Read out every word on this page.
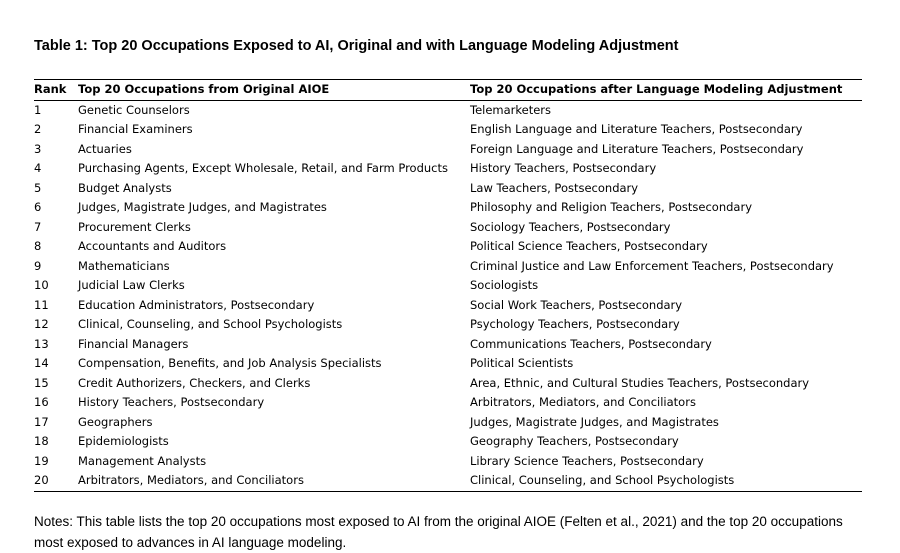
Table 1: Top 20 Occupations Exposed to AI, Original and with Language Modeling Adjustment
Rank	Top 20 Occupations from Original AIOE	Top 20 Occupations after Language Modeling Adjustment
1	Genetic Counselors	Telemarketers
2	Financial Examiners	English Language and Literature Teachers, Postsecondary
3	Actuaries	Foreign Language and Literature Teachers, Postsecondary
4	Purchasing Agents, Except Wholesale, Retail, and Farm Products	History Teachers, Postsecondary
5	Budget Analysts	Law Teachers, Postsecondary
6	Judges, Magistrate Judges, and Magistrates	Philosophy and Religion Teachers, Postsecondary
7	Procurement Clerks	Sociology Teachers, Postsecondary
8	Accountants and Auditors	Political Science Teachers, Postsecondary
9	Mathematicians	Criminal Justice and Law Enforcement Teachers, Postsecondary
10	Judicial Law Clerks	Sociologists
11	Education Administrators, Postsecondary	Social Work Teachers, Postsecondary
12	Clinical, Counseling, and School Psychologists	Psychology Teachers, Postsecondary
13	Financial Managers	Communications Teachers, Postsecondary
14	Compensation, Benefits, and Job Analysis Specialists	Political Scientists
15	Credit Authorizers, Checkers, and Clerks	Area, Ethnic, and Cultural Studies Teachers, Postsecondary
16	History Teachers, Postsecondary	Arbitrators, Mediators, and Conciliators
17	Geographers	Judges, Magistrate Judges, and Magistrates
18	Epidemiologists	Geography Teachers, Postsecondary
19	Management Analysts	Library Science Teachers, Postsecondary
20	Arbitrators, Mediators, and Conciliators	Clinical, Counseling, and School Psychologists
Notes: This table lists the top 20 occupations most exposed to AI from the original AIOE (Felten et al., 2021) and the top 20 occupations most exposed to advances in AI language modeling.
